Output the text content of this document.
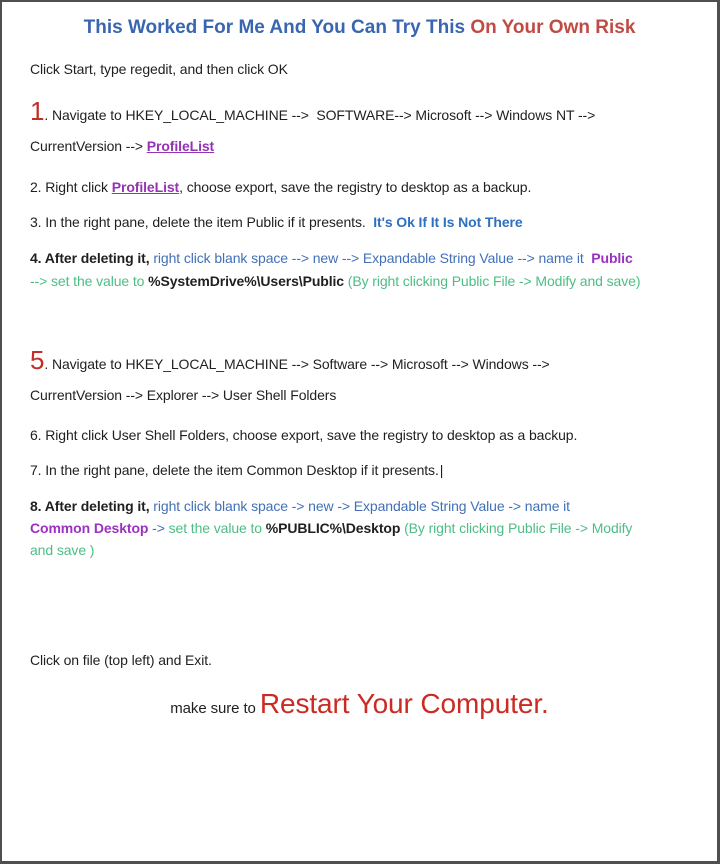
This Worked For Me And You Can Try This On Your Own Risk
Click Start, type regedit, and then click OK
1. Navigate to HKEY_LOCAL_MACHINE -->  SOFTWARE--> Microsoft --> Windows NT -->
CurrentVersion --> ProfileList
2. Right click ProfileList, choose export, save the registry to desktop as a backup.
3. In the right pane, delete the item Public if it presents.  It's Ok If It Is Not There
4. After deleting it, right click blank space --> new --> Expandable String Value --> name it  Public
--> set the value to %SystemDrive%\Users\Public (By right clicking Public File -> Modify and save)
5. Navigate to HKEY_LOCAL_MACHINE --> Software --> Microsoft --> Windows -->
CurrentVersion --> Explorer --> User Shell Folders
6. Right click User Shell Folders, choose export, save the registry to desktop as a backup.
7. In the right pane, delete the item Common Desktop if it presents.|
8. After deleting it, right click blank space -> new -> Expandable String Value -> name it
Common Desktop -> set the value to %PUBLIC%\Desktop (By right clicking Public File -> Modify
and save )
Click on file (top left) and Exit.
make sure to Restart Your Computer.
